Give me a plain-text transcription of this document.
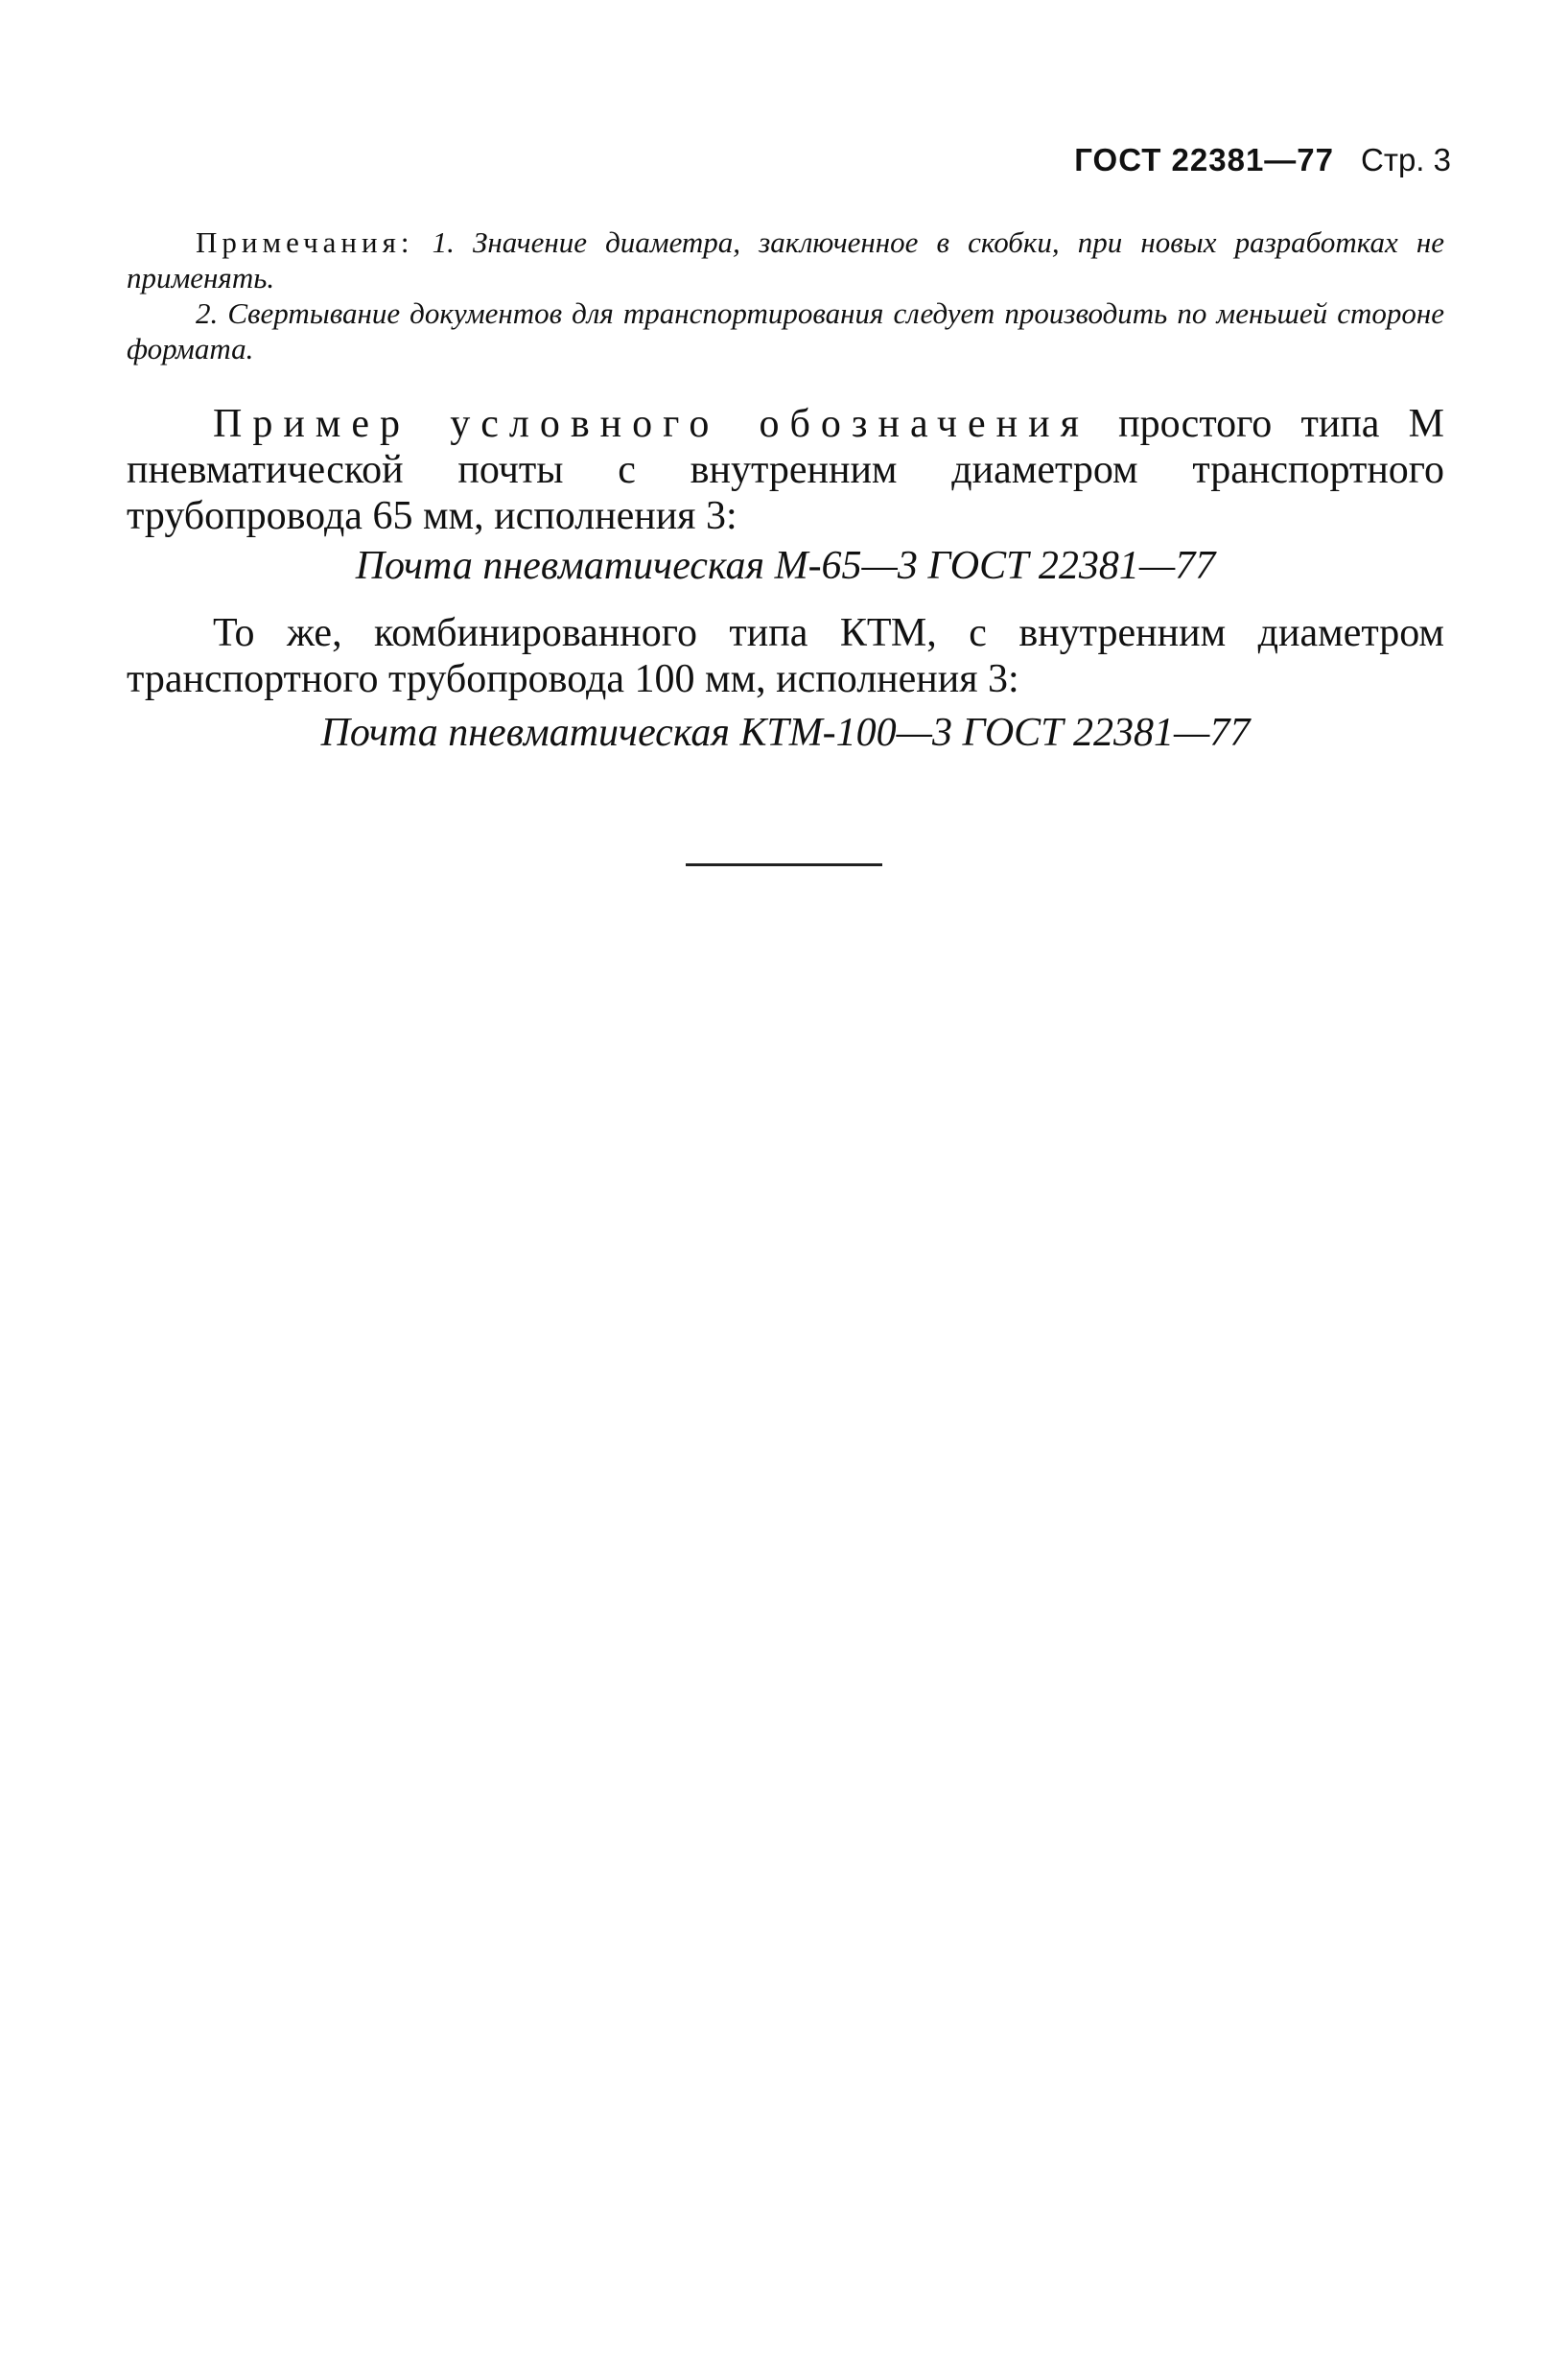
ГОСТ 22381—77 Стр. 3

Примечания: 1. Значение диаметра, заключенное в скобки, при новых разработках не применять.

2. Свертывание документов для транспортирования следует производить по меньшей стороне формата.

Пример условного обозначения простого типа М пневматической почты с внутренним диаметром транспортного трубопровода 65 мм, исполнения 3:

Почта пневматическая М-65—3 ГОСТ 22381—77

То же, комбинированного типа КТМ, с внутренним диаметром транспортного трубопровода 100 мм, исполнения 3:

Почта пневматическая КТМ-100—3 ГОСТ 22381—77
